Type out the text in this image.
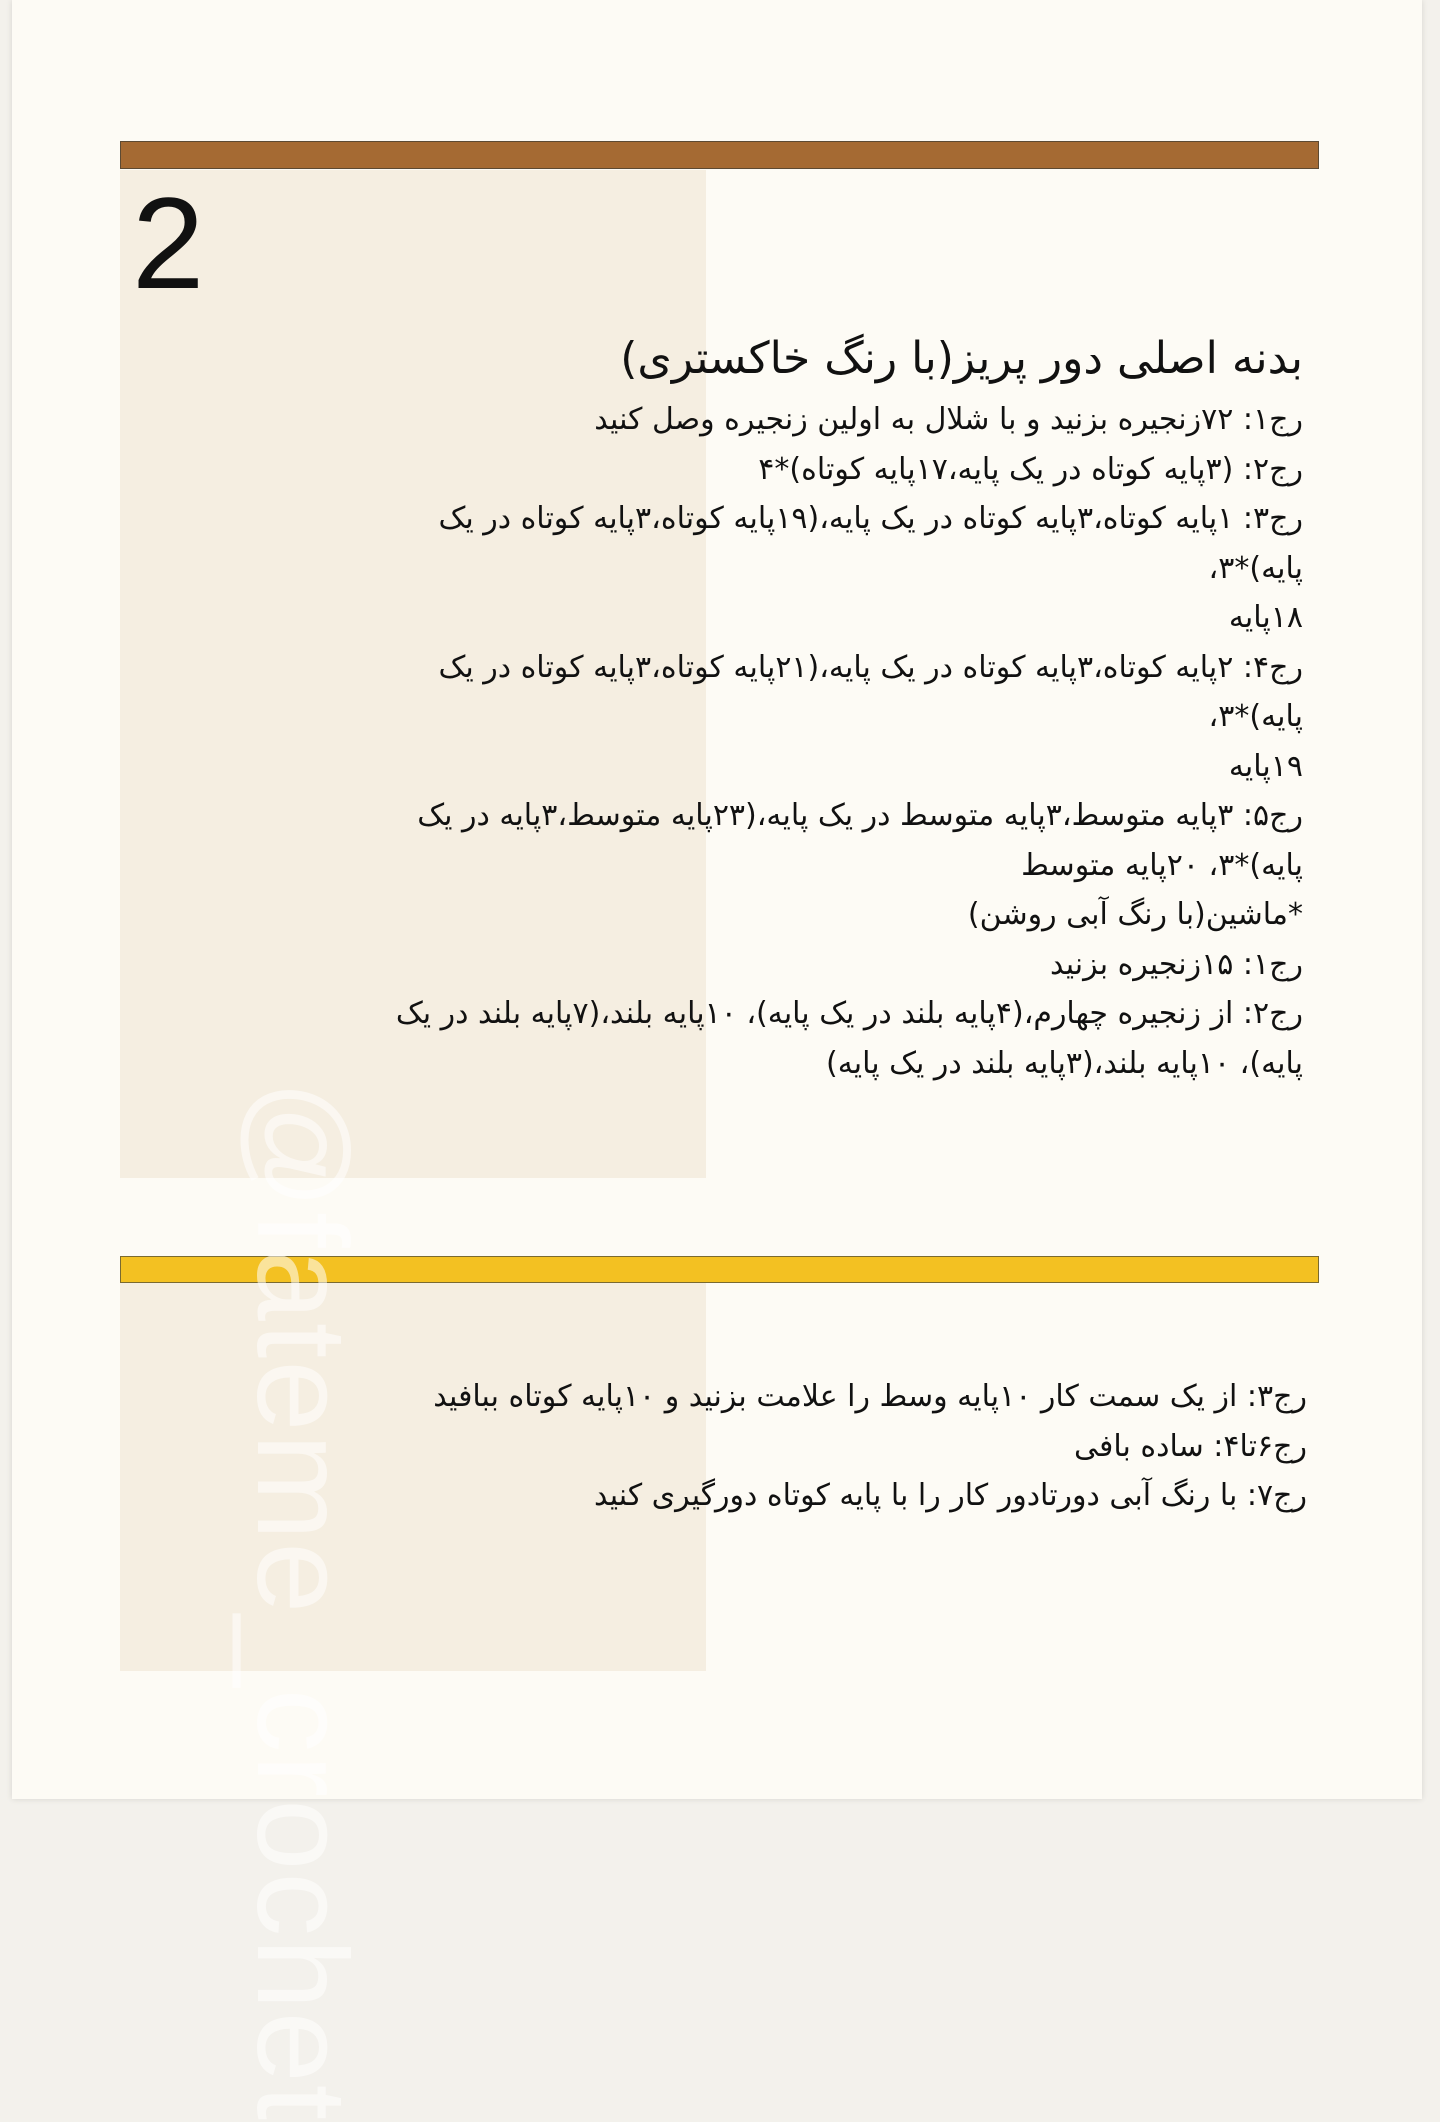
2
@fateme_crochet
بدنه اصلی دور پریز(با رنگ خاکستری)

رج۱: ۷۲زنجیره بزنید و با شلال به اولین زنجیره وصل کنید

رج۲: (۳پایه کوتاه در یک پایه،۱۷پایه کوتاه)*۴

رج۳: ۱پایه کوتاه،۳پایه کوتاه در یک پایه،(۱۹پایه کوتاه،۳پایه کوتاه در یک

پایه)*۳،

۱۸پایه

رج۴: ۲پایه کوتاه،۳پایه کوتاه در یک پایه،(۲۱پایه کوتاه،۳پایه کوتاه در یک

پایه)*۳،

۱۹پایه

رج۵: ۳پایه متوسط،۳پایه متوسط در یک پایه،(۲۳پایه متوسط،۳پایه در یک

پایه)*۳، ۲۰پایه متوسط

*ماشین(با رنگ آبی روشن)

رج۱: ۱۵زنجیره بزنید

رج۲: از زنجیره چهارم،(۴پایه بلند در یک پایه)، ۱۰پایه بلند،(۷پایه بلند در یک

پایه)، ۱۰پایه بلند،(۳پایه بلند در یک پایه)

رج۳: از یک سمت کار ۱۰پایه وسط را علامت بزنید و ۱۰پایه کوتاه ببافید

رج۶تا۴: ساده بافی

رج۷: با رنگ آبی دورتادور کار را با پایه کوتاه دورگیری کنید
